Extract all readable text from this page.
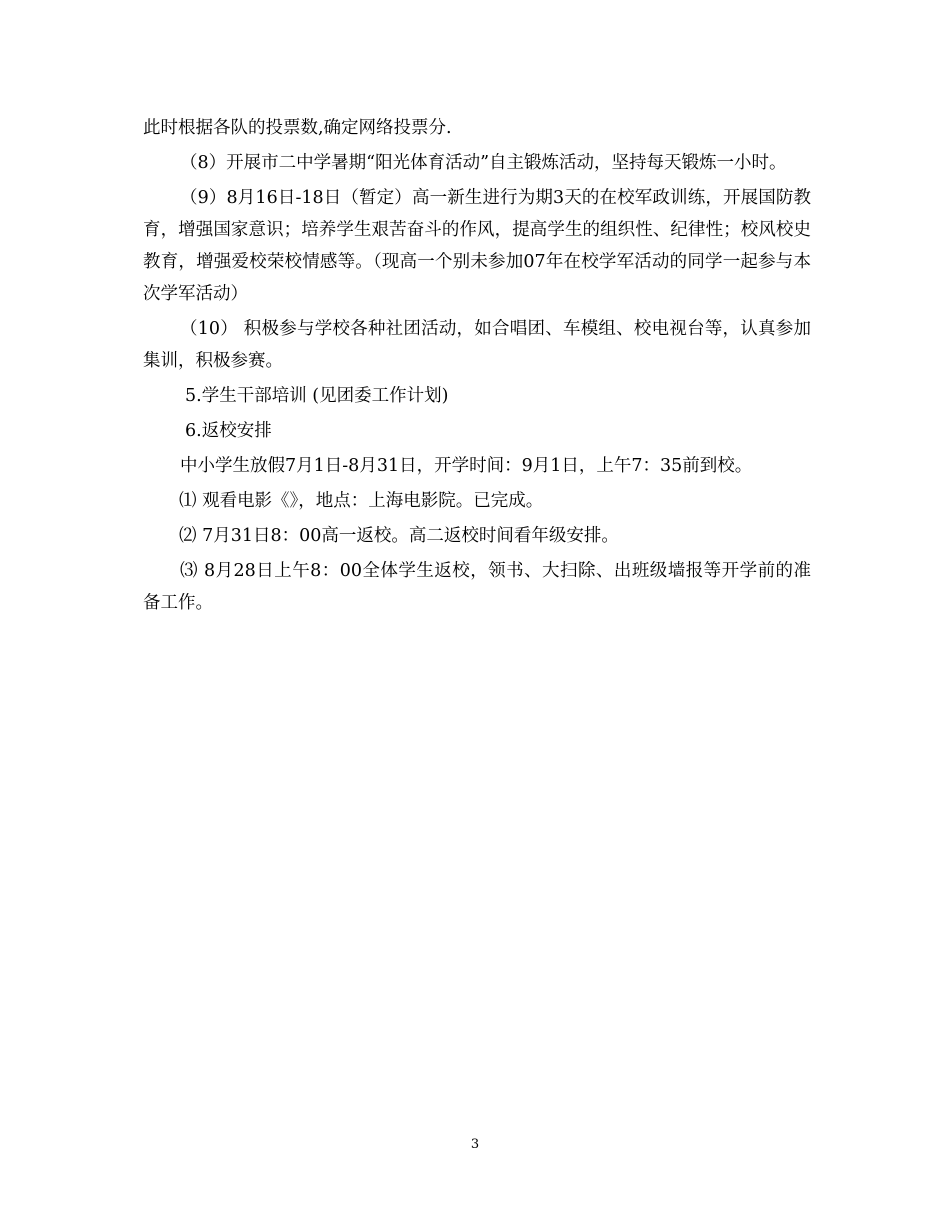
此时根据各队的投票数,确定网络投票分.

（8）开展市二中学暑期“阳光体育活动”自主锻炼活动，坚持每天锻炼一小时。

（9）8月16日-18日（暂定）高一新生进行为期3天的在校军政训练，开展国防教育，增强国家意识；培养学生艰苦奋斗的作风，提高学生的组织性、纪律性；校风校史教育，增强爱校荣校情感等。（现高一个别未参加07年在校学军活动的同学一起参与本次学军活动）

（10） 积极参与学校各种社团活动，如合唱团、车模组、校电视台等，认真参加集训，积极参赛。

5.学生干部培训 (见团委工作计划)

6.返校安排

中小学生放假7月1日-8月31日，开学时间：9月1日，上午7：35前到校。

⑴ 观看电影《》，地点：上海电影院。已完成。

⑵ 7月31日8：00高一返校。高二返校时间看年级安排。

⑶ 8月28日上午8：00全体学生返校，领书、大扫除、出班级墙报等开学前的准备工作。

3
